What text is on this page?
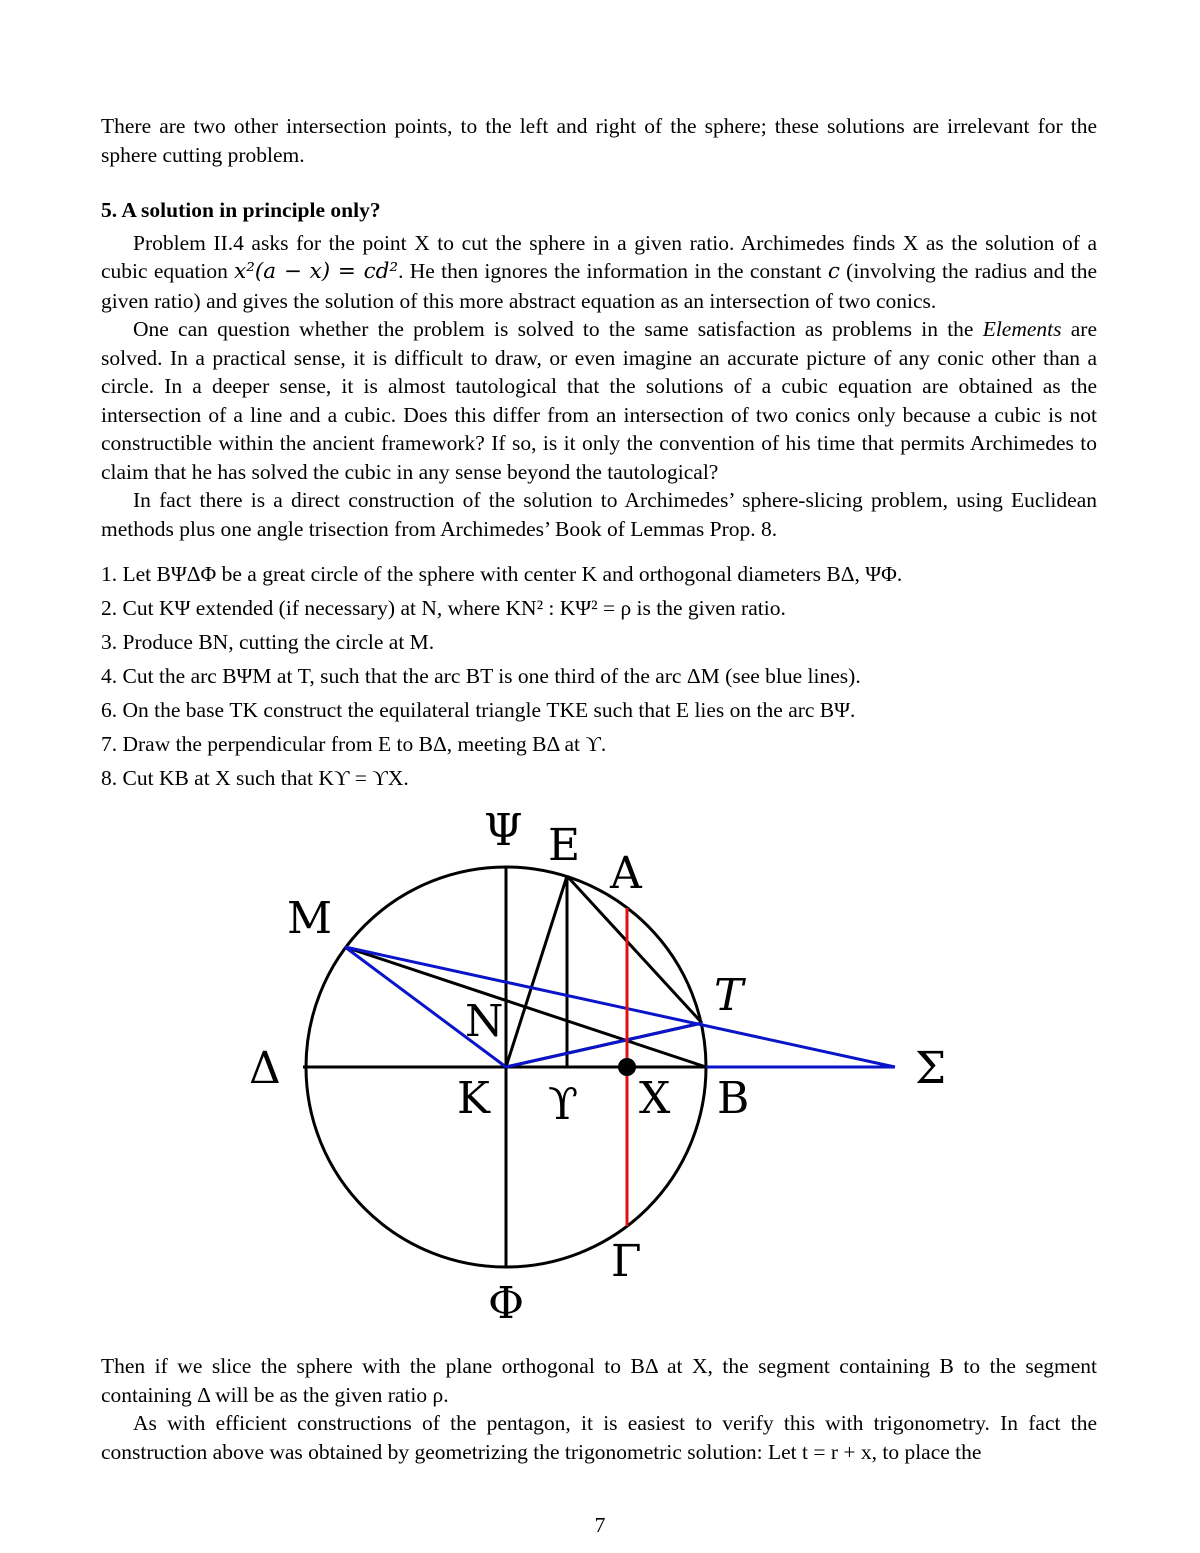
There are two other intersection points, to the left and right of the sphere; these solutions are irrelevant for the sphere cutting problem.

5. A solution in principle only?

Problem II.4 asks for the point X to cut the sphere in a given ratio. Archimedes finds X as the solution of a cubic equation x²(a − x) = cd². He then ignores the information in the constant c (involving the radius and the given ratio) and gives the solution of this more abstract equation as an intersection of two conics.

One can question whether the problem is solved to the same satisfaction as problems in the Elements are solved. In a practical sense, it is difficult to draw, or even imagine an accurate picture of any conic other than a circle. In a deeper sense, it is almost tautological that the solutions of a cubic equation are obtained as the intersection of a line and a cubic. Does this differ from an intersection of two conics only because a cubic is not constructible within the ancient framework? If so, is it only the convention of his time that permits Archimedes to claim that he has solved the cubic in any sense beyond the tautological?

In fact there is a direct construction of the solution to Archimedes’ sphere-slicing problem, using Euclidean methods plus one angle trisection from Archimedes’ Book of Lemmas Prop. 8.

1. Let ΒΨΔΦ be a great circle of the sphere with center Κ and orthogonal diameters ΒΔ, ΨΦ.
2. Cut ΚΨ extended (if necessary) at Ν, where ΚΝ² : ΚΨ² = ρ is the given ratio.
3. Produce ΒΝ, cutting the circle at Μ.
4. Cut the arc ΒΨΜ at Τ, such that the arc ΒΤ is one third of the arc ΔΜ (see blue lines).
6. On the base ΤΚ construct the equilateral triangle ΤΚΕ such that Ε lies on the arc ΒΨ.
7. Draw the perpendicular from Ε to ΒΔ, meeting ΒΔ at ϒ.
8. Cut ΚΒ at Χ such that Κϒ = ϒΧ.
Ψ E
A
M
T
N
Δ
K ϒ X B
Σ
Γ
Φ

Then if we slice the sphere with the plane orthogonal to ΒΔ at Χ, the segment containing Β to the segment containing Δ will be as the given ratio ρ.

As with efficient constructions of the pentagon, it is easiest to verify this with trigonometry. In fact the construction above was obtained by geometrizing the trigonometric solution: Let t = r + x, to place the

7
